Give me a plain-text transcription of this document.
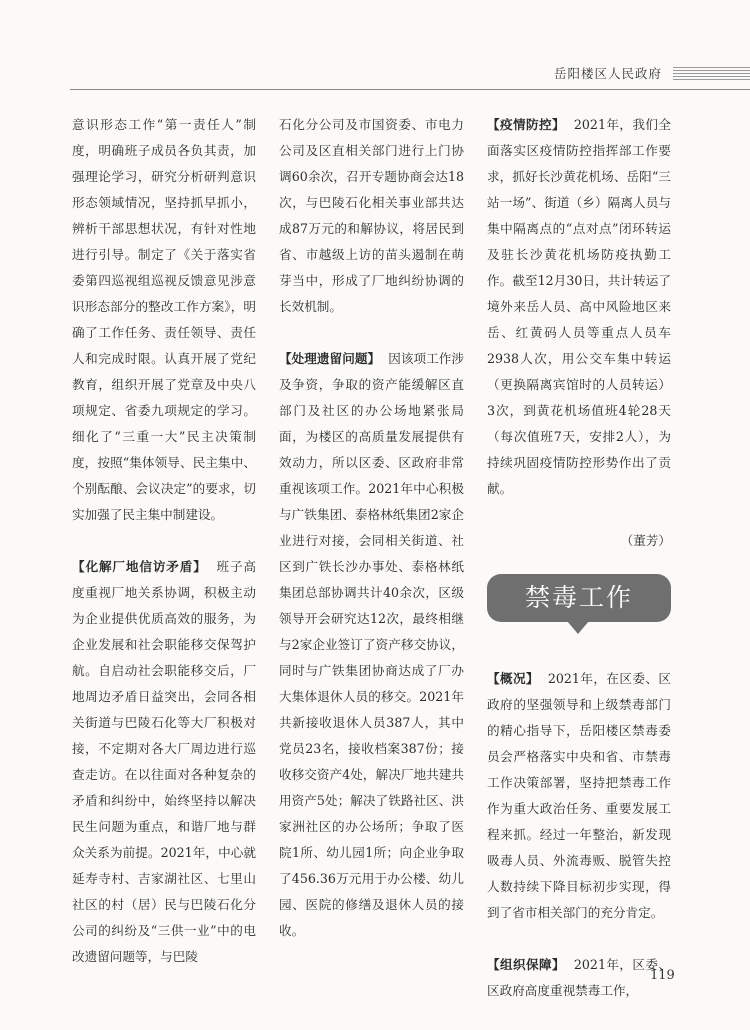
岳阳楼区人民政府

意识形态工作“第一责任人”制度，明确班子成员各负其责，加强理论学习，研究分析研判意识形态领域情况，坚持抓早抓小，辨析干部思想状况，有针对性地进行引导。制定了《关于落实省委第四巡视组巡视反馈意见涉意识形态部分的整改工作方案》，明确了工作任务、责任领导、责任人和完成时限。认真开展了党纪教育，组织开展了党章及中央八项规定、省委九项规定的学习。细化了“三重一大”民主决策制度，按照“集体领导、民主集中、个别酝酿、会议决定”的要求，切实加强了民主集中制建设。

【化解厂地信访矛盾】 班子高度重视厂地关系协调，积极主动为企业提供优质高效的服务，为企业发展和社会职能移交保驾护航。自启动社会职能移交后，厂地周边矛盾日益突出，会同各相关街道与巴陵石化等大厂积极对接，不定期对各大厂周边进行巡查走访。在以往面对各种复杂的矛盾和纠纷中，始终坚持以解决民生问题为重点，和谐厂地与群众关系为前提。2021年，中心就延寿寺村、吉家湖社区、七里山社区的村（居）民与巴陵石化分公司的纠纷及“三供一业”中的电改遗留问题等，与巴陵

石化分公司及市国资委、市电力公司及区直相关部门进行上门协调60余次，召开专题协商会达18次，与巴陵石化相关事业部共达成87万元的和解协议，将居民到省、市越级上访的苗头遏制在萌芽当中，形成了厂地纠纷协调的长效机制。

【处理遗留问题】 因该项工作涉及争资，争取的资产能缓解区直部门及社区的办公场地紧张局面，为楼区的高质量发展提供有效动力，所以区委、区政府非常重视该项工作。2021年中心积极与广铁集团、泰格林纸集团2家企业进行对接，会同相关街道、社区到广铁长沙办事处、泰格林纸集团总部协调共计40余次，区级领导开会研究达12次，最终相继与2家企业签订了资产移交协议，同时与广铁集团协商达成了厂办大集体退休人员的移交。2021年共新接收退休人员387人，其中党员23名，接收档案387份；接收移交资产4处，解决厂地共建共用资产5处；解决了铁路社区、洪家洲社区的办公场所；争取了医院1所、幼儿园1所；向企业争取了456.36万元用于办公楼、幼儿园、医院的修缮及退休人员的接收。

【疫情防控】 2021年，我们全面落实区疫情防控指挥部工作要求，抓好长沙黄花机场、岳阳“三站一场”、街道（乡）隔离人员与集中隔离点的“点对点”闭环转运及驻长沙黄花机场防疫执勤工作。截至12月30日，共计转运了境外来岳人员、高中风险地区来岳、红黄码人员等重点人员车2938人次，用公交车集中转运（更换隔离宾馆时的人员转运）3次，到黄花机场值班4轮28天（每次值班7天，安排2人），为持续巩固疫情防控形势作出了贡献。

（董芳）

禁毒工作

【概况】 2021年，在区委、区政府的坚强领导和上级禁毒部门的精心指导下，岳阳楼区禁毒委员会严格落实中央和省、市禁毒工作决策部署，坚持把禁毒工作作为重大政治任务、重要发展工程来抓。经过一年整治，新发现吸毒人员、外流毒贩、脱管失控人数持续下降目标初步实现，得到了省市相关部门的充分肯定。

【组织保障】 2021年，区委、区政府高度重视禁毒工作，

119
